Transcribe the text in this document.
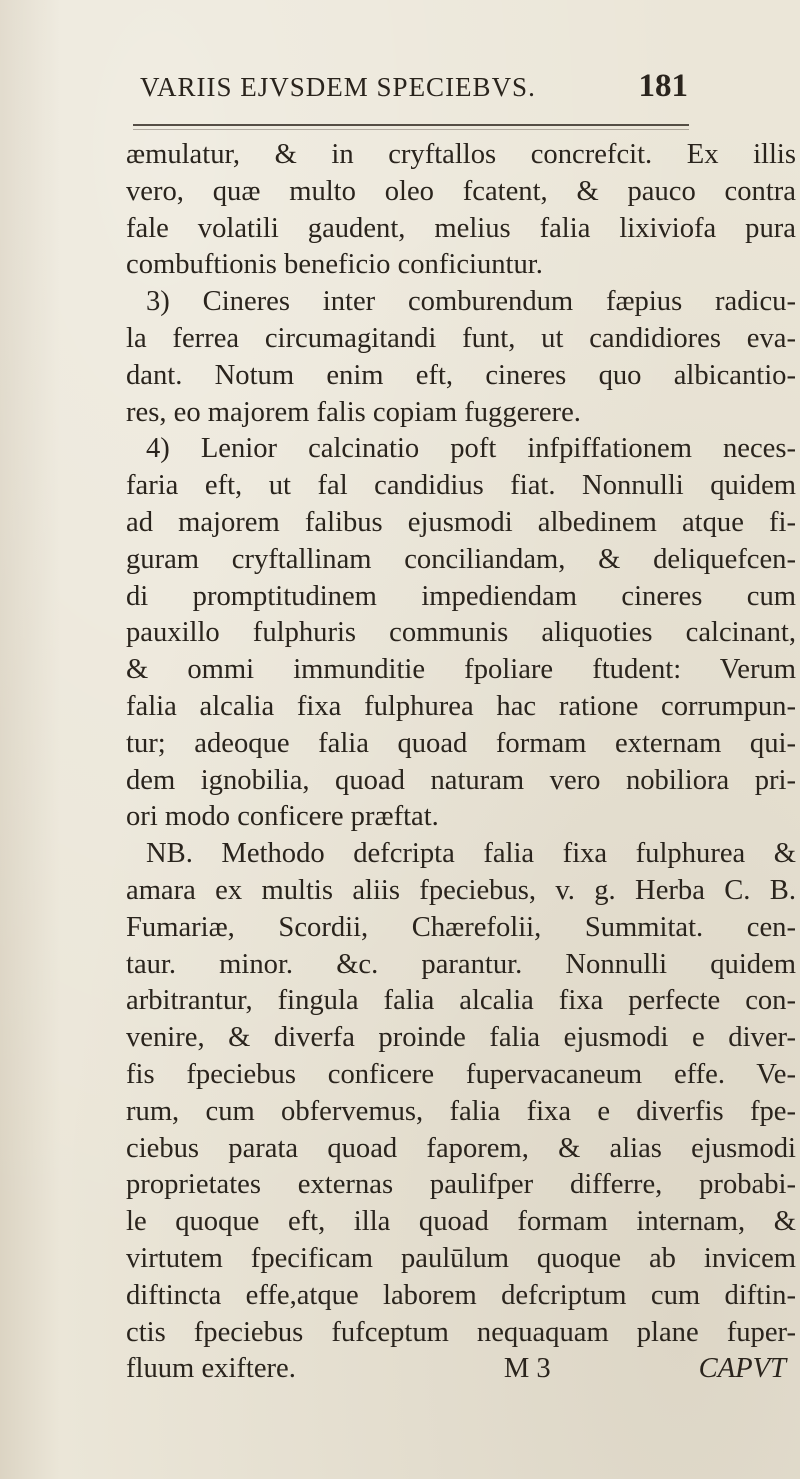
VARIIS EJVSDEM SPECIEBVS.	181
æmulatur, & in cryftallos concrefcit. Ex illis
vero, quæ multo oleo fcatent, & pauco contra
fale volatili gaudent, melius falia lixiviofa pura
combuftionis beneficio conficiuntur.
3) Cineres inter comburendum fæpius radicu-
la ferrea circumagitandi funt, ut candidiores eva-
dant. Notum enim eft, cineres quo albicantio-
res, eo majorem falis copiam fuggerere.
4) Lenior calcinatio poft infpiffationem neces-
faria eft, ut fal candidius fiat. Nonnulli quidem
ad majorem falibus ejusmodi albedinem atque fi-
guram cryftallinam conciliandam, & deliquefcen-
di promptitudinem impediendam cineres cum
pauxillo fulphuris communis aliquoties calcinant,
& ommi immunditie fpoliare ftudent: Verum
falia alcalia fixa fulphurea hac ratione corrumpun-
tur; adeoque falia quoad formam externam qui-
dem ignobilia, quoad naturam vero nobiliora pri-
ori modo conficere præftat.
NB. Methodo defcripta falia fixa fulphurea &
amara ex multis aliis fpeciebus, v. g. Herba C. B.
Fumariæ, Scordii, Chærefolii, Summitat. cen-
taur. minor. &c. parantur. Nonnulli quidem
arbitrantur, fingula falia alcalia fixa perfecte con-
venire, & diverfa proinde falia ejusmodi e diver-
fis fpeciebus conficere fupervacaneum effe. Ve-
rum, cum obfervemus, falia fixa e diverfis fpe-
ciebus parata quoad faporem, & alias ejusmodi
proprietates externas paulifper differre, probabi-
le quoque eft, illa quoad formam internam, &
virtutem fpecificam paulūlum quoque ab invicem
diftincta effe,atque laborem defcriptum cum diftin-
ctis fpeciebus fufceptum nequaquam plane fuper-
fluum exiftere.	M 3	CAPVT
